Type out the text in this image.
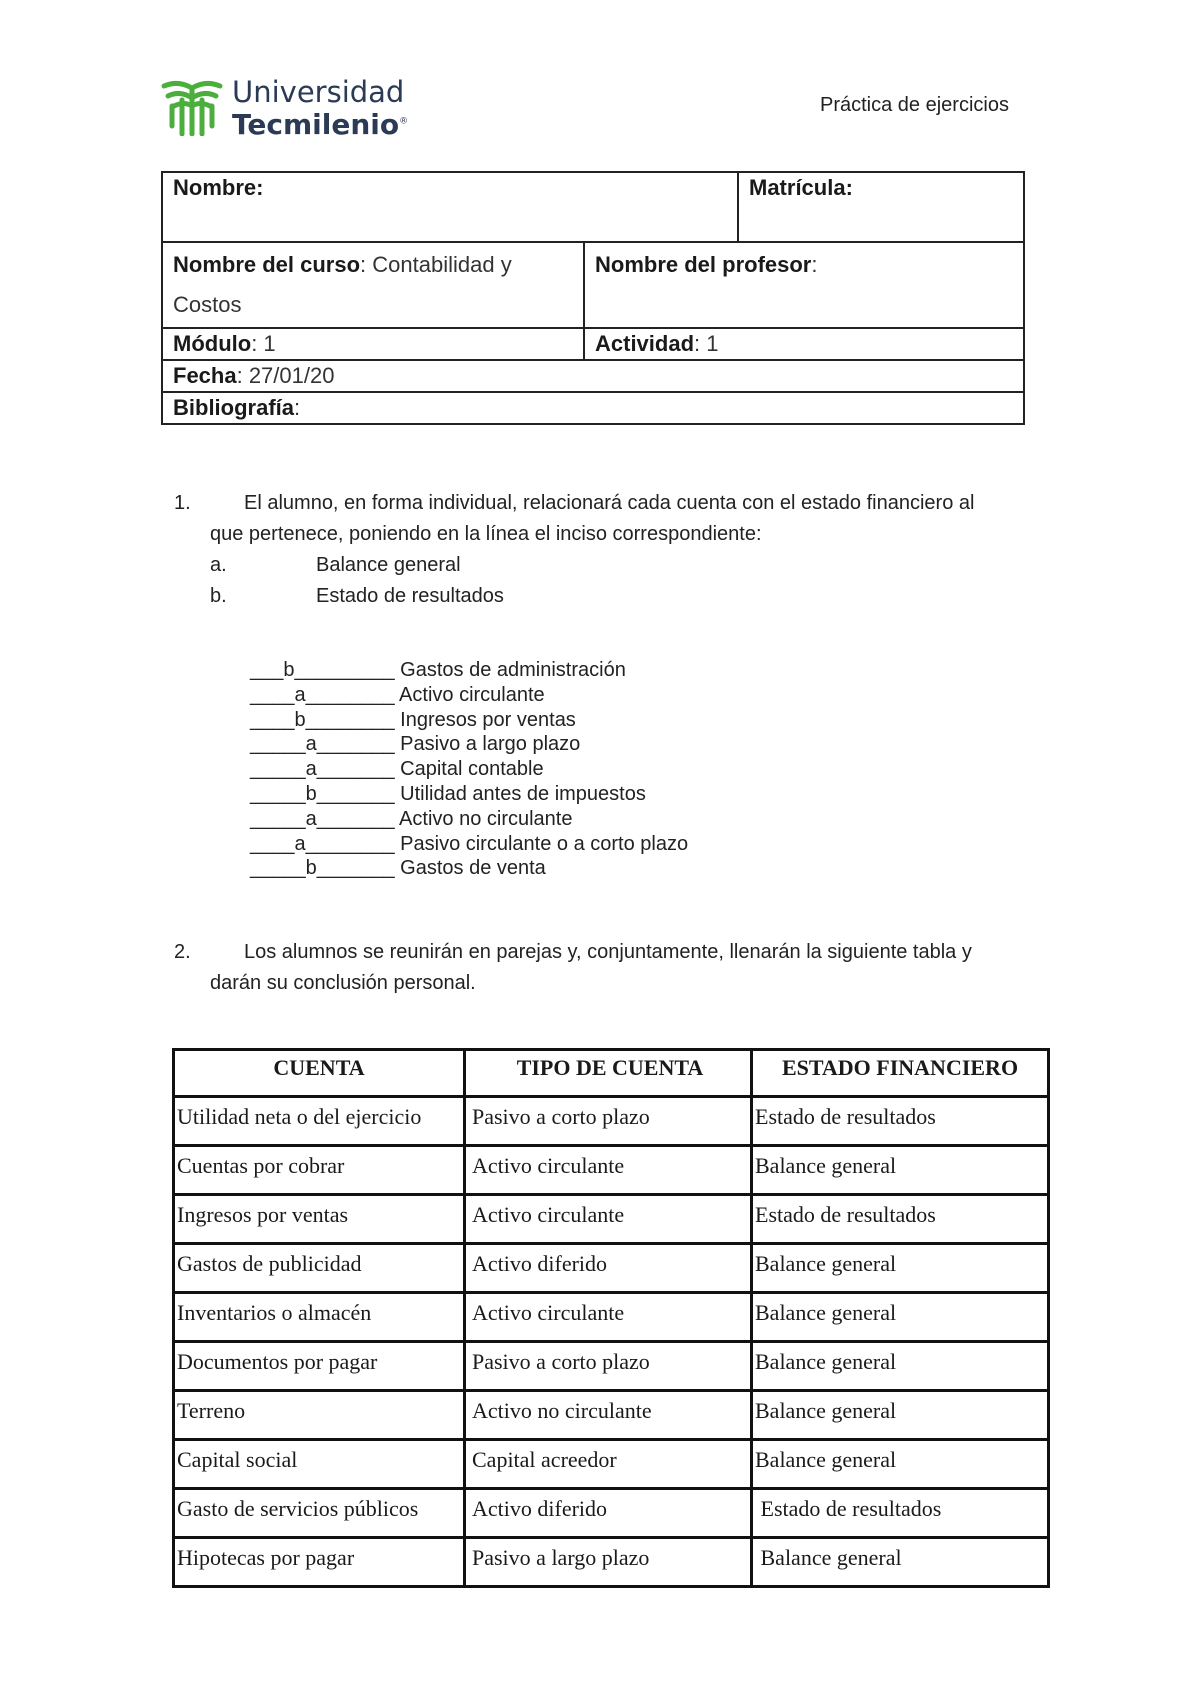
Universidad
Tecmilenio®
Práctica de ejercicios
Nombre:		Matrícula:
Nombre del curso: Contabilidad y Costos	Nombre del profesor:	
Módulo: 1	Actividad: 1	
Fecha: 27/01/20		
Bibliografía:		
1.	El alumno, en forma individual, relacionará cada cuenta con el estado financiero al
que pertenece, poniendo en la línea el inciso correspondiente:
a.	Balance general
b.	Estado de resultados
___b_________ Gastos de administración
____a________ Activo circulante
____b________ Ingresos por ventas
_____a_______ Pasivo a largo plazo
_____a_______ Capital contable
_____b_______ Utilidad antes de impuestos
_____a_______ Activo no circulante
____a________ Pasivo circulante o a corto plazo
_____b_______ Gastos de venta
2.	Los alumnos se reunirán en parejas y, conjuntamente, llenarán la siguiente tabla y
darán su conclusión personal.
CUENTA	TIPO DE CUENTA	ESTADO FINANCIERO
Utilidad neta o del ejercicio	Pasivo a corto plazo	Estado de resultados
Cuentas por cobrar	Activo circulante	Balance general
Ingresos por ventas	Activo circulante	Estado de resultados
Gastos de publicidad	Activo diferido	Balance general
Inventarios o almacén	Activo circulante	Balance general
Documentos por pagar	Pasivo a corto plazo	Balance general
Terreno	Activo no circulante	Balance general
Capital social	Capital acreedor	Balance general
Gasto de servicios públicos	Activo diferido	Estado de resultados
Hipotecas por pagar	Pasivo a largo plazo	Balance general
